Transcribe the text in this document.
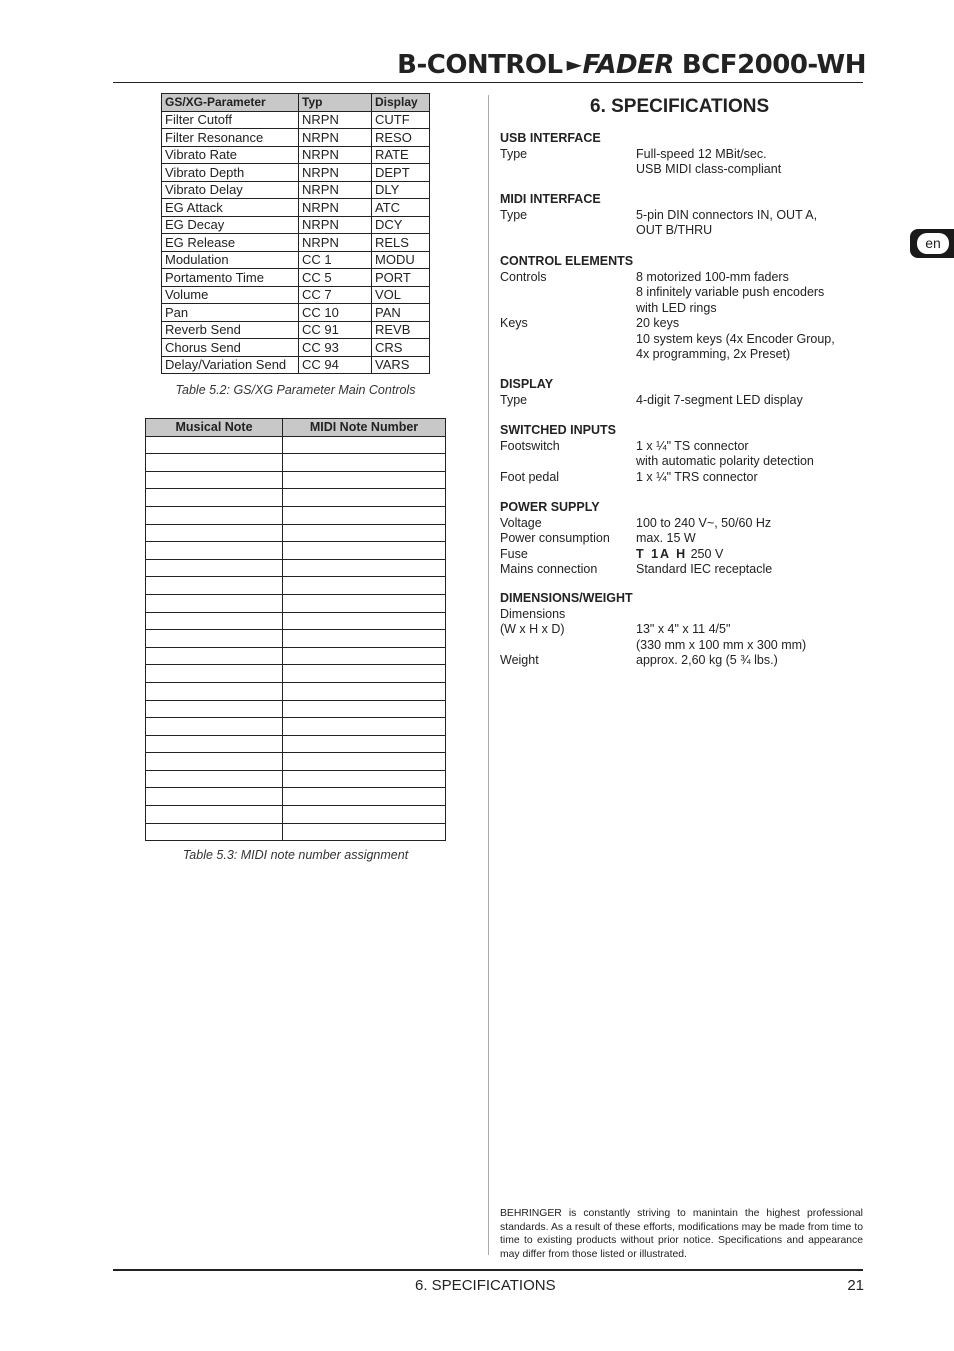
B-CONTROL ►FADER BCF2000-WH
en
GS/XG-Parameter	Typ	Display
Filter Cutoff	NRPN	CUTF
Filter Resonance	NRPN	RESO
Vibrato Rate	NRPN	RATE
Vibrato Depth	NRPN	DEPT
Vibrato Delay	NRPN	DLY
EG Attack	NRPN	ATC
EG Decay	NRPN	DCY
EG Release	NRPN	RELS
Modulation	CC 1	MODU
Portamento Time	CC 5	PORT
Volume	CC 7	VOL
Pan	CC 10	PAN
Reverb Send	CC 91	REVB
Chorus Send	CC 93	CRS
Delay/Variation Send	CC 94	VARS
Table 5.2: GS/XG Parameter Main Controls
Musical Note	MIDI Note Number

Table 5.3: MIDI note number assignment
6. SPECIFICATIONS
USB INTERFACE
Type	Full-speed 12 MBit/sec.
USB MIDI class-compliant
MIDI INTERFACE
Type	5-pin DIN connectors IN, OUT A,
OUT B/THRU
CONTROL ELEMENTS
Controls	8 motorized 100-mm faders
8 infinitely variable push encoders
with LED rings
Keys	20 keys
10 system keys (4x Encoder Group,
4x programming, 2x Preset)
DISPLAY
Type	4-digit 7-segment LED display
SWITCHED INPUTS
Footswitch	1 x ¼" TS connector
with automatic polarity detection
Foot pedal	1 x ¼" TRS connector
POWER SUPPLY
Voltage	100 to 240 V~, 50/60 Hz
Power consumption max. 15 W
Fuse	T 1A H 250 V
Mains connection	Standard IEC receptacle
DIMENSIONS/WEIGHT
Dimensions

(W x H x D)	13" x 4" x 11 4/5"
(330 mm x 100 mm x 300 mm)
Weight	approx. 2,60 kg (5 ¾ lbs.)
BEHRINGER is constantly striving to manintain the highest professional standards. As a result of these efforts, modifications may be made from time to time to existing products without prior notice. Specifications and appearance may differ from those listed or illustrated.
6. SPECIFICATIONS	21
